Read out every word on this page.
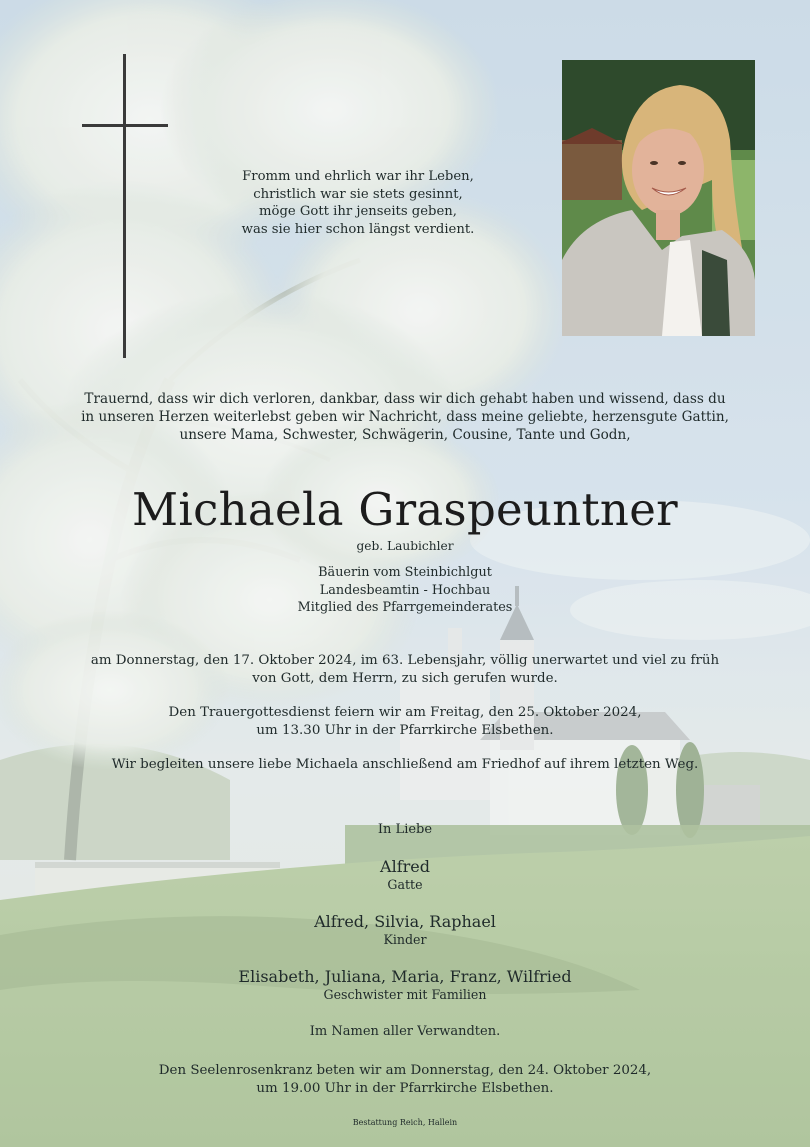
Fromm und ehrlich war ihr Leben,
christlich war sie stets gesinnt,
möge Gott ihr jenseits geben,
was sie hier schon längst verdient.
Trauernd, dass wir dich verloren, dankbar, dass wir dich gehabt haben und wissend, dass du
in unseren Herzen weiterlebst geben wir Nachricht, dass meine geliebte, herzensgute Gattin,
unsere Mama, Schwester, Schwägerin, Cousine, Tante und Godn,
Michaela Graspeuntner
geb. Laubichler
Bäuerin vom Steinbichlgut
Landesbeamtin - Hochbau
Mitglied des Pfarrgemeinderates
am Donnerstag, den 17. Oktober 2024, im 63. Lebensjahr, völlig unerwartet und viel zu früh
von Gott, dem Herrn, zu sich gerufen wurde.
Den Trauergottesdienst feiern wir am Freitag, den 25. Oktober 2024,
um 13.30 Uhr in der Pfarrkirche Elsbethen.
Wir begleiten unsere liebe Michaela anschließend am Friedhof auf ihrem letzten Weg.
In Liebe
Alfred
Gatte
Alfred, Silvia, Raphael
Kinder
Elisabeth, Juliana, Maria, Franz, Wilfried
Geschwister mit Familien
Im Namen aller Verwandten.
Den Seelenrosenkranz beten wir am Donnerstag, den 24. Oktober 2024,
um 19.00 Uhr in der Pfarrkirche Elsbethen.
Bestattung Reich, Hallein
